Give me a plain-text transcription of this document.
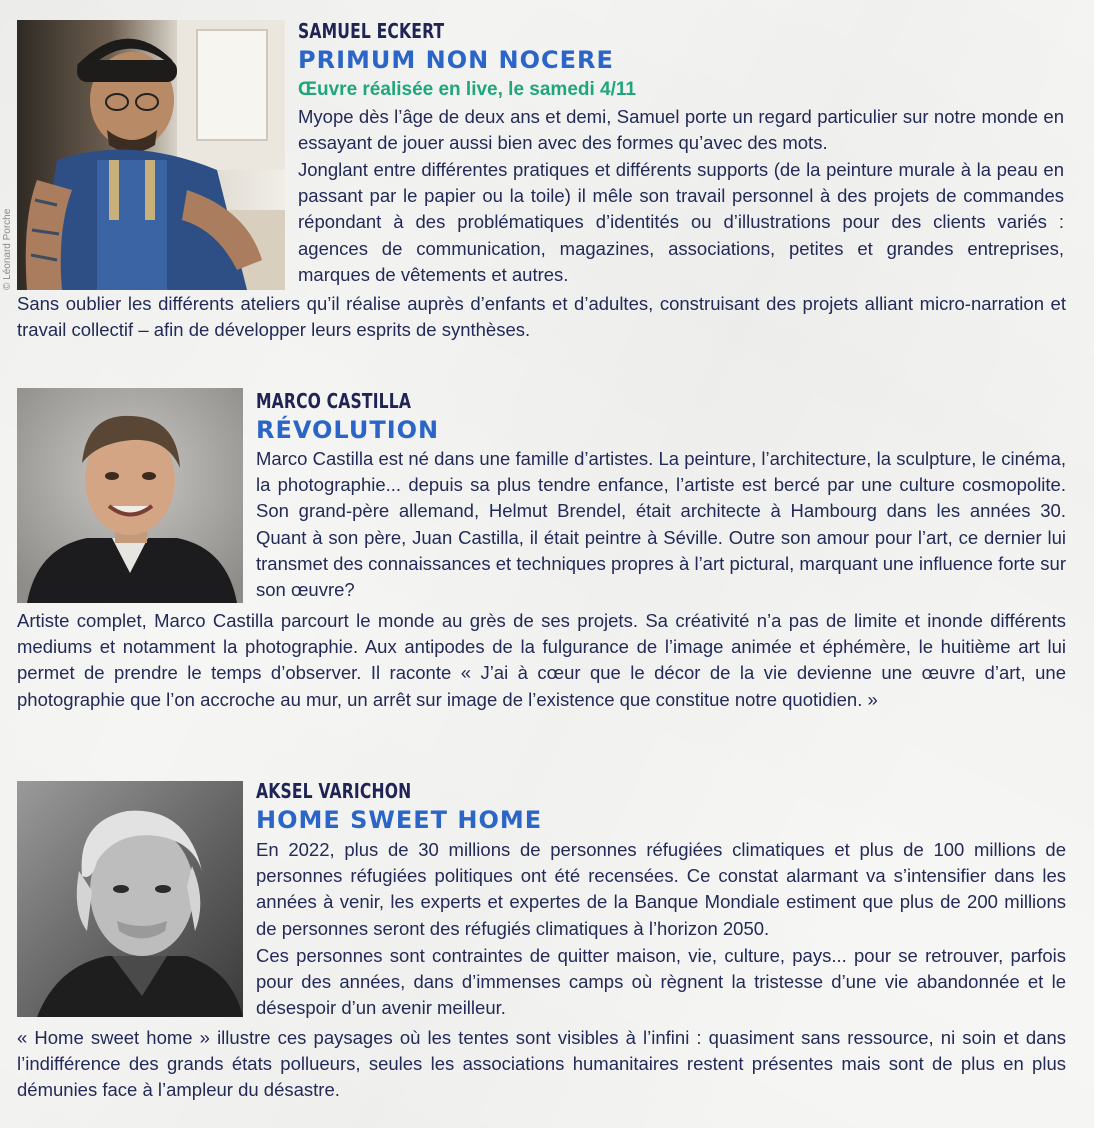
© Léonard Porche
SAMUEL ECKERT
PRIMUM NON NOCERE
Œuvre réalisée en live, le samedi 4/11

Myope dès l’âge de deux ans et demi, Samuel porte un regard particulier sur notre monde en essayant de jouer aussi bien avec des formes qu’avec des mots.

Jonglant entre différentes pratiques et différents supports (de la peinture murale à la peau en passant par le papier ou la toile) il mêle son travail personnel à des projets de commandes répondant à des problématiques d’identités ou d’illustrations pour des clients variés : agences de communication, magazines, associations, petites et grandes entreprises, marques de vêtements et autres.

Sans oublier les différents ateliers qu’il réalise auprès d’enfants et d’adultes, construisant des projets alliant micro-narration et travail collectif – afin de développer leurs esprits de synthèses.

MARCO CASTILLA
RÉVOLUTION

Marco Castilla est né dans une famille d’artistes. La peinture, l’architecture, la sculpture, le cinéma, la photographie... depuis sa plus tendre enfance, l’artiste est bercé par une culture cosmopolite. Son grand-père allemand, Helmut Brendel, était architecte à Hambourg dans les années 30. Quant à son père, Juan Castilla, il était peintre à Séville. Outre son amour pour l’art, ce dernier lui transmet des connaissances et techniques propres à l’art pictural, marquant une influence forte sur son œuvre?

Artiste complet, Marco Castilla parcourt le monde au grès de ses projets. Sa créativité n’a pas de limite et inonde différents mediums et notamment la photographie. Aux antipodes de la fulgurance de l’image animée et éphémère, le huitième art lui permet de prendre le temps d’observer. Il raconte « J’ai à cœur que le décor de la vie devienne une œuvre d’art, une photographie que l’on accroche au mur, un arrêt sur image de l’existence que constitue notre quotidien. »

AKSEL VARICHON
HOME SWEET HOME

En 2022, plus de 30 millions de personnes réfugiées climatiques et plus de 100 millions de personnes réfugiées politiques ont été recensées. Ce constat alarmant va s’intensifier dans les années à venir, les experts et expertes de la Banque Mondiale estiment que plus de 200 millions de personnes seront des réfugiés climatiques à l’horizon 2050.

Ces personnes sont contraintes de quitter maison, vie, culture, pays... pour se retrouver, parfois pour des années, dans d’immenses camps où règnent la tristesse d’une vie abandonnée et le désespoir d’un avenir meilleur.

« Home sweet home » illustre ces paysages où les tentes sont visibles à l’infini : quasiment sans ressource, ni soin et dans l’indifférence des grands états pollueurs, seules les associations humanitaires restent présentes mais sont de plus en plus démunies face à l’ampleur du désastre.
